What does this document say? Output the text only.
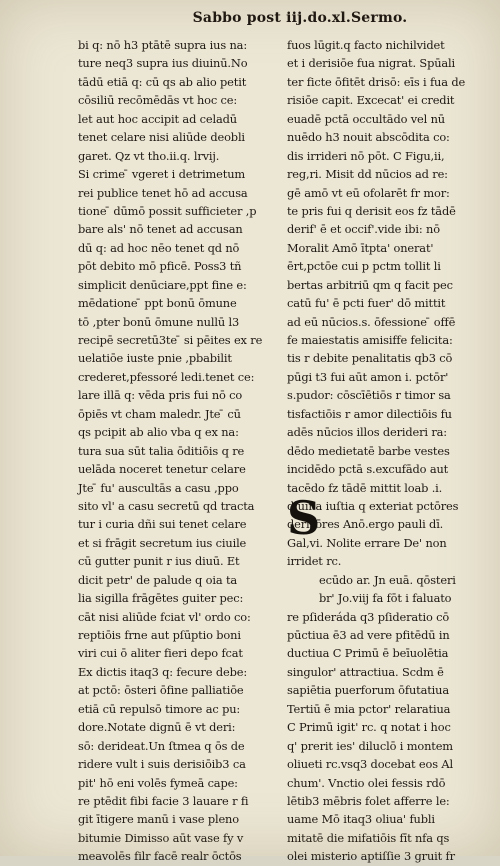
Sabbo post iij.do.xl.Sermo.
bi q: nō h3 ptātē supra ius na:
ture neq3 supra ius diuinū.No
tādū etiā q: cū qs ab alio petit
cōsiliū recōmēdās vt hoc ce:
let aut hoc accipit ad celadū
tenet celare nisi aliūde deobli
garet. Qz vt tho.ii.q. lrvij.
Si crime ̄ vgeret i detrimetum
rei publice tenet hō ad accusa
tione ̄ dūmō possit sufficieter ,p
bare als' nō tenet ad accusan
dū q: ad hoc nēo tenet qd nō
pōt debito mō pficē. Poss3 tñ
simplicit denūciare,ppt fine e:
mēdatione ̄ ppt bonū ōmune
tō ,pter bonū ōmune nullū l3
recipē secretū3te ̄ si pēites ex re
uelatiōe iuste pnie ,pbabilit
crederet,pfessoré ledi.tenet ce:
lare illā q: vēda pris fui nō co
ōpiēs vt cham maledr. Jte ̄ cū
qs pcipit ab alio vba q ex na:
tura sua sūt talia ōditiōis q re
uelāda noceret tenetur celare
Jte ̄ fu' auscultās a casu ,ppo
sito vl' a casu secretū qd tracta
tur i curia dñi sui tenet celare
et si frāgit secretum ius ciuile
cū gutter punit r ius diuū. Et
dicit petr' de palude q oia ta
lia sigilla frāgētes guiter pec:
cāt nisi aliūde fciat vl' ordo co:
reptiōis frne aut pſūptio boni
viri cui ō aliter fieri depo fcat
Ex dictis itaq3 q: fecure debe:
at pctō: ōsteri ōfine palliatiōe
etiā cū repulsō timore ac pu:
dore.Notate dignū ē vt deri:
sō: derideat.Un ſtmea q ōs de
ridere vult i suis derisiōib3 ca
pit' hō eni volēs fymeā cape:
re ptēdit fibi facie 3 lauare r fi
git ītigere manū i vase pleno
bitumie Dimisso aūt vase fy v
meavolēs filr facē realr ōctōs
fuos lūgit.q facto nichilvidet
et i derisiōe fua nigrat. Spūali
ter ficte ōfitēt drisō: eīs i fua de
risiōe capit. Excecat' ei credit
euadē pctā occultādo vel nū
nuēdo h3 nouit abscōdita co:
dis irrideri nō pōt. C Figu,ii,
reg,ri. Misit dd nūcios ad re:
gē amō vt eū ofolarēt fr mor:
te pris fui q derisit eos fz tādē
derif' ē et occif'.vide ibi: nō
Moralit Amō ītpta' onerat'
ērt,pctōe cui p pctm tollit li
bertas arbitriū qm q facit pec
catū fu' ē pcti fuer' dō mittit
ad eū nūcios.s. ōfessione ̄ offē
fe maiestatis amisiffe felicita:
tis r debite penalitatis qb3 cō
pūgi t3 fui aūt amon i. pctōr'
s.pudor: cōscīētiōs r timor sa
tisfactiōis r amor dilectiōis fu
adēs nūcios illos derideri ra:
dēdo medietatē barbe vestes
incidēdo pctā s.excufādo aut
tacēdo fz tādē mittit loab .i.
diuīna iuſtia q exteriat pctōres
derisōres Anō.ergo pauli dī.
Gal,vi. Nolite errare De' non
irridet rc.
ecūdo ar. Jn euā. qōsteri
br' Jo.viij fa fōt i faluato
re pſideráda q3 pſideratio cō
pūctiua ē3 ad vere pfitēdū in
ductiua C Primū ē beīuolētia
singulor' attractiua. Scdm ē
sapiētia puerforum ōfutatiua
Tertiū ē mia pctor' relaratiua
C Primū igit' rc. q notat i hoc
q' prerit ies' diluclō i montem
oliueti rc.vsq3 docebat eos Al
chum'. Vnctio olei fessis rdō
lētib3 mēbris folet afferre le:
uame Mō itaq3 oliua' fubli
mitatē die mifatiōis fīt nfa qs
olei misterio aptiſſie 3 gruit fr
S
